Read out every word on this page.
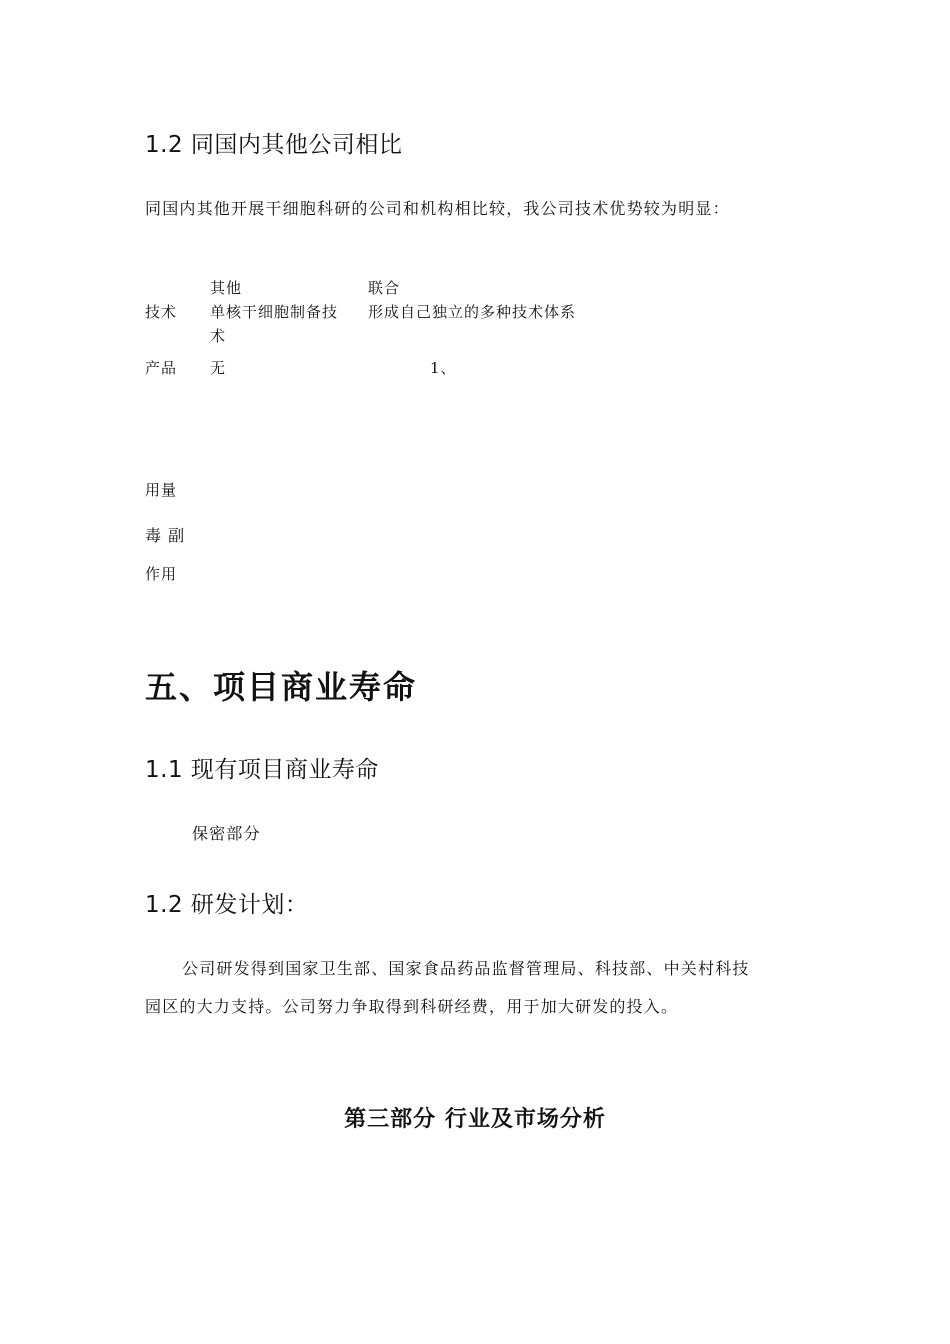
1.2 同国内其他公司相比
同国内其他开展干细胞科研的公司和机构相比较，我公司技术优势较为明显：
其他	联合
技术 单核干细胞制备技
术
形成自己独立的多种技术体系
产品 无	1、
用量
毒 副
作用
五、项目商业寿命
1.1 现有项目商业寿命
保密部分
1.2 研发计划：
公司研发得到国家卫生部、国家食品药品监督管理局、科技部、中关村科技
园区的大力支持。公司努力争取得到科研经费，用于加大研发的投入。
第三部分 行业及市场分析
